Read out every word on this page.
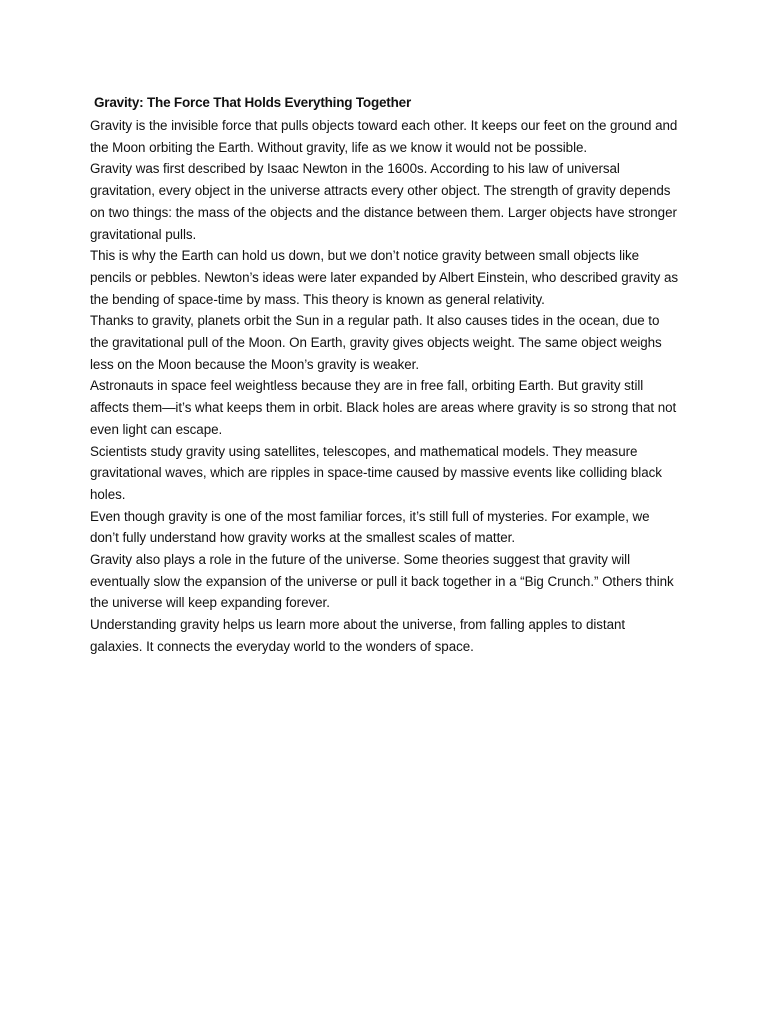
Gravity: The Force That Holds Everything Together

Gravity is the invisible force that pulls objects toward each other. It keeps our feet on the ground and the Moon orbiting the Earth. Without gravity, life as we know it would not be possible.

Gravity was first described by Isaac Newton in the 1600s. According to his law of universal gravitation, every object in the universe attracts every other object. The strength of gravity depends on two things: the mass of the objects and the distance between them. Larger objects have stronger gravitational pulls.

This is why the Earth can hold us down, but we don’t notice gravity between small objects like pencils or pebbles. Newton’s ideas were later expanded by Albert Einstein, who described gravity as the bending of space-time by mass. This theory is known as general relativity.

Thanks to gravity, planets orbit the Sun in a regular path. It also causes tides in the ocean, due to the gravitational pull of the Moon. On Earth, gravity gives objects weight. The same object weighs less on the Moon because the Moon’s gravity is weaker.

Astronauts in space feel weightless because they are in free fall, orbiting Earth. But gravity still affects them—it’s what keeps them in orbit. Black holes are areas where gravity is so strong that not even light can escape.

Scientists study gravity using satellites, telescopes, and mathematical models. They measure gravitational waves, which are ripples in space-time caused by massive events like colliding black holes.

Even though gravity is one of the most familiar forces, it’s still full of mysteries. For example, we don’t fully understand how gravity works at the smallest scales of matter.

Gravity also plays a role in the future of the universe. Some theories suggest that gravity will eventually slow the expansion of the universe or pull it back together in a “Big Crunch.” Others think the universe will keep expanding forever.

Understanding gravity helps us learn more about the universe, from falling apples to distant galaxies. It connects the everyday world to the wonders of space.
